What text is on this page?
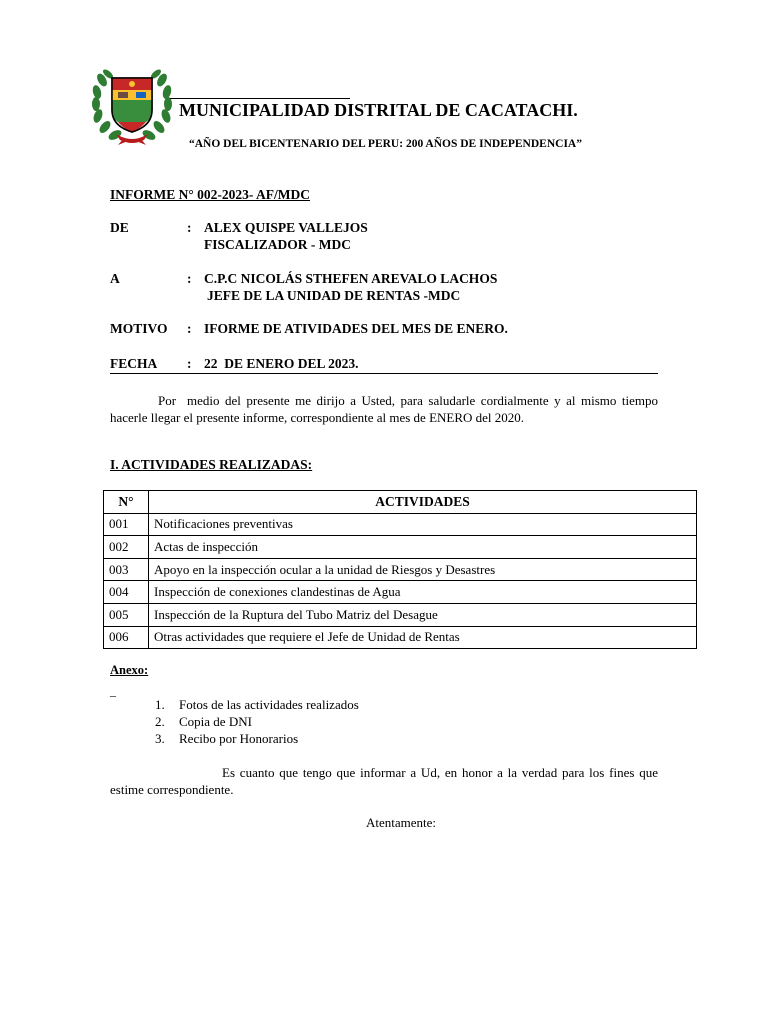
MUNICIPALIDAD DISTRITAL DE CACATACHI.
“AÑO DEL BICENTENARIO DEL PERU: 200 AÑOS DE INDEPENDENCIA”
INFORME N° 002-2023- AF/MDC
DE	: ALEX QUISPE VALLEJOS
FISCALIZADOR - MDC
A	: C.P.C NICOLÁS STHEFEN AREVALO LACHOS
JEFE DE LA UNIDAD DE RENTAS -MDC
MOTIVO : IFORME DE ATIVIDADES DEL MES DE ENERO.
FECHA : 22  DE ENERO DEL 2023.
Por  medio del presente me dirijo a Usted, para saludarle cordialmente y al mismo tiempo hacerle llegar el presente informe, correspondiente al mes de ENERO del 2020.
I. ACTIVIDADES REALIZADAS:
N°	ACTIVIDADES
001	Notificaciones preventivas
002	Actas de inspección
003	Apoyo en la inspección ocular a la unidad de Riesgos y Desastres
004	Inspección de conexiones clandestinas de Agua
005	Inspección de la Ruptura del Tubo Matriz del Desague
006	Otras actividades que requiere el Jefe de Unidad de Rentas
Anexo:
_
1. Fotos de las actividades realizados
2. Copia de DNI
3. Recibo por Honorarios
Es cuanto que tengo que informar a Ud, en honor a la verdad para los fines que estime correspondiente.
Atentamente:
